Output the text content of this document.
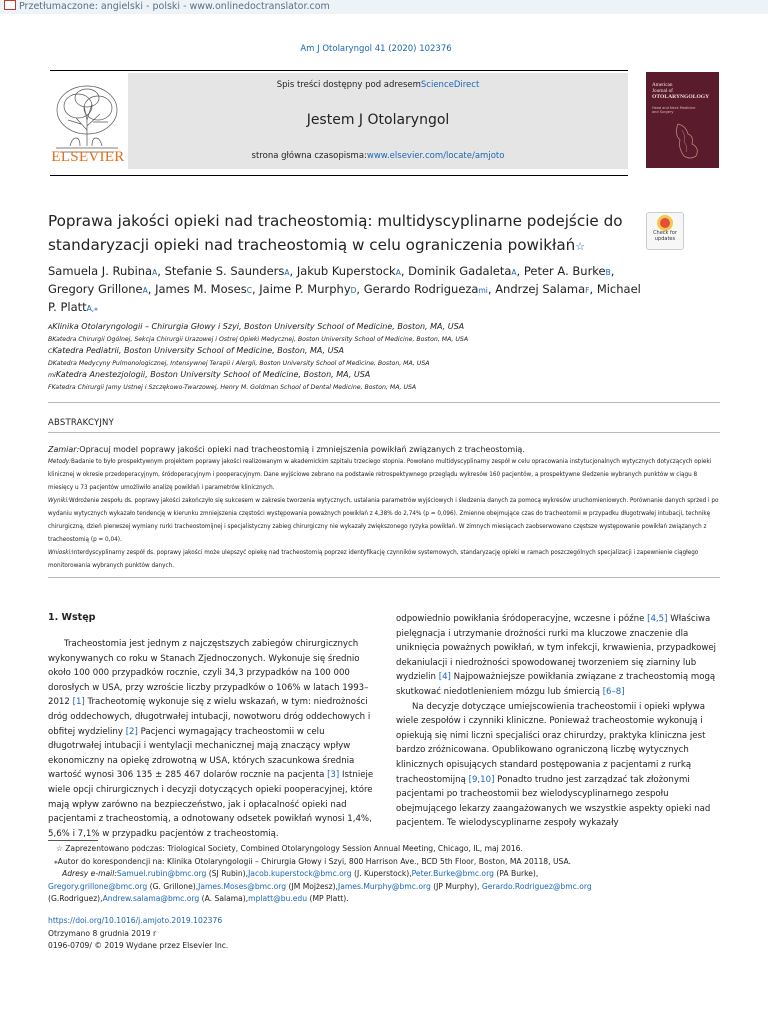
Przetłumaczone: angielski - polski - www.onlinedoctranslator.com
Am J Otolaryngol 41 (2020) 102376
ELSEVIER
Spis treści dostępny pod adresemScienceDirect
Jestem J Otolaryngol
strona główna czasopisma:www.elsevier.com/locate/amjoto
American
Journal of
OTOLARYNGOLOGY
Head and Neck Medicine and Surgery
Poprawa jakości opieki nad tracheostomią: multidyscyplinarne podejście do standaryzacji opieki nad tracheostomią w celu ograniczenia powikłań☆
Check for
updates
Samuela J. RubinaA, Stefanie S. SaundersA, Jakub KuperstockA, Dominik GadaletaA, Peter A. BurkeB, Gregory GrilloneA, James M. MosesC, Jaime P. MurphyD, Gerardo Rodriguezami, Andrzej SalamaF, Michael P. PlattA,⁎
AKlinika Otolaryngologii – Chirurgia Głowy i Szyi, Boston University School of Medicine, Boston, MA, USA
BKatedra Chirurgii Ogólnej, Sekcja Chirurgii Urazowej i Ostrej Opieki Medycznej, Boston University School of Medicine, Boston, MA, USA
CKatedra Pediatrii, Boston University School of Medicine, Boston, MA, USA
DKatedra Medycyny Pulmonologicznej, Intensywnej Terapii i Alergii, Boston University School of Medicine, Boston, MA, USA
miKatedra Anestezjologii, Boston University School of Medicine, Boston, MA, USA
FKatedra Chirurgii Jamy Ustnej i Szczękowo-Twarzowej, Henry M. Goldman School of Dental Medicine, Boston, MA, USA
ABSTRAKCYJNY
Zamiar:Opracuj model poprawy jakości opieki nad tracheostomią i zmniejszenia powikłań związanych z tracheostomią.
Metody:Badanie to było prospektywnym projektem poprawy jakości realizowanym w akademickim szpitalu trzeciego stopnia. Powołano multidyscyplinarny zespół w celu opracowania instytucjonalnych wytycznych dotyczących opieki klinicznej w okresie przedoperacyjnym, śródoperacyjnym i pooperacyjnym. Dane wyjściowe zebrano na podstawie retrospektywnego przeglądu wykresów 160 pacjentów, a prospektywne śledzenie wybranych punktów w ciągu 8 miesięcy u 73 pacjentów umożliwiło analizę powikłań i parametrów klinicznych.
Wyniki:Wdrożenie zespołu ds. poprawy jakości zakończyło się sukcesem w zakresie tworzenia wytycznych, ustalania parametrów wyjściowych i śledzenia danych za pomocą wykresów uruchomieniowych. Porównanie danych sprzed i po wydaniu wytycznych wykazało tendencję w kierunku zmniejszenia częstości występowania poważnych powikłań z 4,38% do 2,74% (p = 0,096). Zmienne obejmujące czas do tracheotomii w przypadku długotrwałej intubacji, technikę chirurgiczną, dzień pierwszej wymiany rurki tracheostomijnej i specjalistyczny zabieg chirurgiczny nie wykazały zwiększonego ryzyka powikłań. W zimnych miesiącach zaobserwowano częstsze występowanie powikłań związanych z tracheostomią (p = 0,04).
Wnioski:Interdyscyplinarny zespół ds. poprawy jakości może ulepszyć opiekę nad tracheostomią poprzez identyfikację czynników systemowych, standaryzację opieki w ramach poszczególnych specjalizacji i zapewnienie ciągłego monitorowania wybranych punktów danych.
1. Wstęp

Tracheostomia jest jednym z najczęstszych zabiegów chirurgicznych wykonywanych co roku w Stanach Zjednoczonych. Wykonuje się średnio około 100 000 przypadków rocznie, czyli 34,3 przypadków na 100 000 dorosłych w USA, przy wzroście liczby przypadków o 106% w latach 1993–2012 [1] Tracheotomię wykonuje się z wielu wskazań, w tym: niedrożności dróg oddechowych, długotrwałej intubacji, nowotworu dróg oddechowych i obfitej wydzieliny [2] Pacjenci wymagający tracheostomii w celu długotrwałej intubacji i wentylacji mechanicznej mają znaczący wpływ ekonomiczny na opiekę zdrowotną w USA, których szacunkowa średnia wartość wynosi 306 135 ± 285 467 dolarów rocznie na pacjenta [3] Istnieje wiele opcji chirurgicznych i decyzji dotyczących opieki pooperacyjnej, które mają wpływ zarówno na bezpieczeństwo, jak i opłacalność opieki nad pacjentami z tracheostomią, a odnotowany odsetek powikłań wynosi 1,4%, 5,6% i 7,1% w przypadku pacjentów z tracheostomią.

odpowiednio powikłania śródoperacyjne, wczesne i późne [4,5] Właściwa pielęgnacja i utrzymanie drożności rurki ma kluczowe znaczenie dla uniknięcia poważnych powikłań, w tym infekcji, krwawienia, przypadkowej dekaniulacji i niedrożności spowodowanej tworzeniem się ziarniny lub wydzielin [4] Najpoważniejsze powikłania związane z tracheostomią mogą skutkować niedotlenieniem mózgu lub śmiercią [6–8]

Na decyzje dotyczące umiejscowienia tracheostomii i opieki wpływa wiele zespołów i czynniki kliniczne. Ponieważ tracheostomie wykonują i opiekują się nimi liczni specjaliści oraz chirurdzy, praktyka kliniczna jest bardzo zróżnicowana. Opublikowano ograniczoną liczbę wytycznych klinicznych opisujących standard postępowania z pacjentami z rurką tracheostomijną [9,10] Ponadto trudno jest zarządzać tak złożonymi pacjentami po tracheostomii bez wielodyscyplinarnego zespołu obejmującego lekarzy zaangażowanych we wszystkie aspekty opieki nad pacjentem. Te wielodyscyplinarne zespoły wykazały

☆ Zaprezentowano podczas: Triological Society, Combined Otolaryngology Session Annual Meeting, Chicago, IL, maj 2016.
⁎Autor do korespondencji na: Klinika Otolaryngologii – Chirurgia Głowy i Szyi, 800 Harrison Ave., BCD 5th Floor, Boston, MA 20118, USA.
Adresy e-mail:Samuel.rubin@bmc.org (SJ Rubin),Jacob.kuperstock@bmc.org (J. Kuperstock),Peter.Burke@bmc.org (PA Burke),
Gregory.grillone@bmc.org (G. Grillone),James.Moses@bmc.org (JM Mojżesz),James.Murphy@bmc.org (JP Murphy), Gerardo.Rodriguez@bmc.org
(G.Rodriguez),Andrew.salama@bmc.org (A. Salama),mplatt@bu.edu (MP Platt).
https://doi.org/10.1016/j.amjoto.2019.102376
Otrzymano 8 grudnia 2019 r
0196-0709/ © 2019 Wydane przez Elsevier Inc.
